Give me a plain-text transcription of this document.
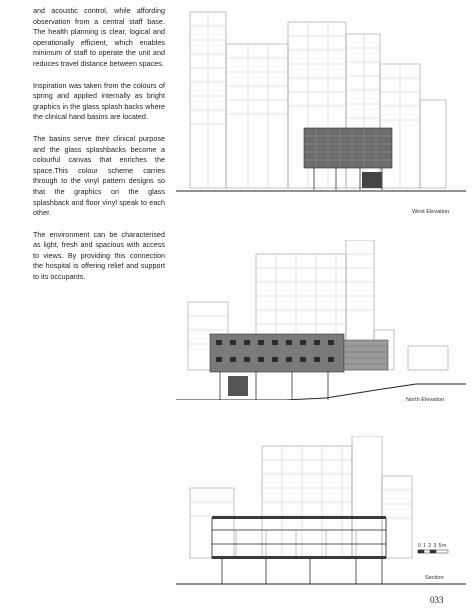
and acoustic control, while affording observation from a central staff base. The health planning is clear, logical and operationally efficient, which enables minimum of staff to operate the unit and reduces travel distance between spaces.

Inspiration was taken from the colours of spring and applied internally as bright graphics in the glass splash backs where the clinical hand basins are located.

The basins serve their clinical purpose and the glass splashbacks become a colourful canvas that enriches the space.This colour scheme carries through to the vinyl pattern designs so that the graphics on the glass splashback and floor vinyl speak to each other.

The environment can be characterised as light, fresh and spacious with access to views. By providing this connection the hospital is offering relief and support to its occupants.

West Elevation
North Elevation
0 1 2 3 5m
Section
033
